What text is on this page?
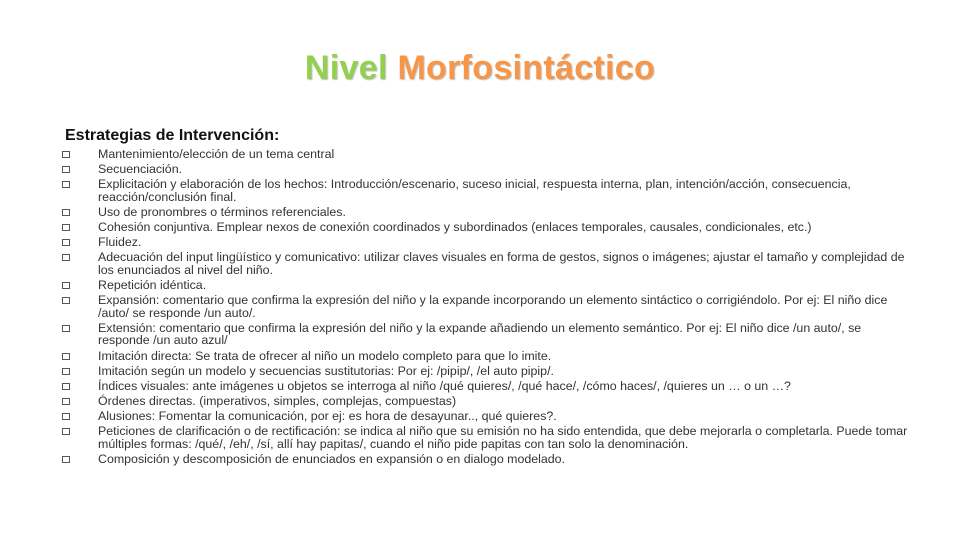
Nivel Morfosintáctico
Estrategias de Intervención:
Mantenimiento/elección de un tema central
Secuenciación.
Explicitación y elaboración de los hechos: Introducción/escenario, suceso inicial, respuesta interna, plan, intención/acción, consecuencia, reacción/conclusión final.
Uso de pronombres o términos referenciales.
Cohesión conjuntiva. Emplear nexos de conexión coordinados y subordinados (enlaces temporales, causales, condicionales, etc.)
Fluidez.
Adecuación del input lingüístico y comunicativo: utilizar claves visuales en forma de gestos, signos o imágenes; ajustar el tamaño y complejidad de los enunciados al nivel del niño.
Repetición idéntica.
Expansión: comentario que confirma la expresión del niño y la expande incorporando un elemento sintáctico o corrigiéndolo. Por ej: El niño dice /auto/ se responde /un auto/.
Extensión: comentario que confirma la expresión del niño y la expande añadiendo un elemento semántico. Por ej: El niño dice /un auto/, se responde /un auto azul/
Imitación directa: Se trata de ofrecer al niño un modelo completo para que lo imite.
Imitación según un modelo y secuencias sustitutorias: Por ej: /pipip/, /el auto pipip/.
Índices visuales: ante imágenes u objetos se interroga al niño /qué quieres/, /qué hace/, /cómo haces/, /quieres un … o un …?
Órdenes directas. (imperativos, simples, complejas, compuestas)
Alusiones: Fomentar la comunicación, por ej: es hora de desayunar.., qué quieres?.
Peticiones de clarificación o de rectificación: se indica al niño que su emisión no ha sido entendida, que debe mejorarla o completarla. Puede tomar múltiples formas: /qué/, /eh/, /sí, allí hay papitas/, cuando el niño pide papitas con tan solo la denominación.
Composición y descomposición de enunciados en expansión o en dialogo modelado.
